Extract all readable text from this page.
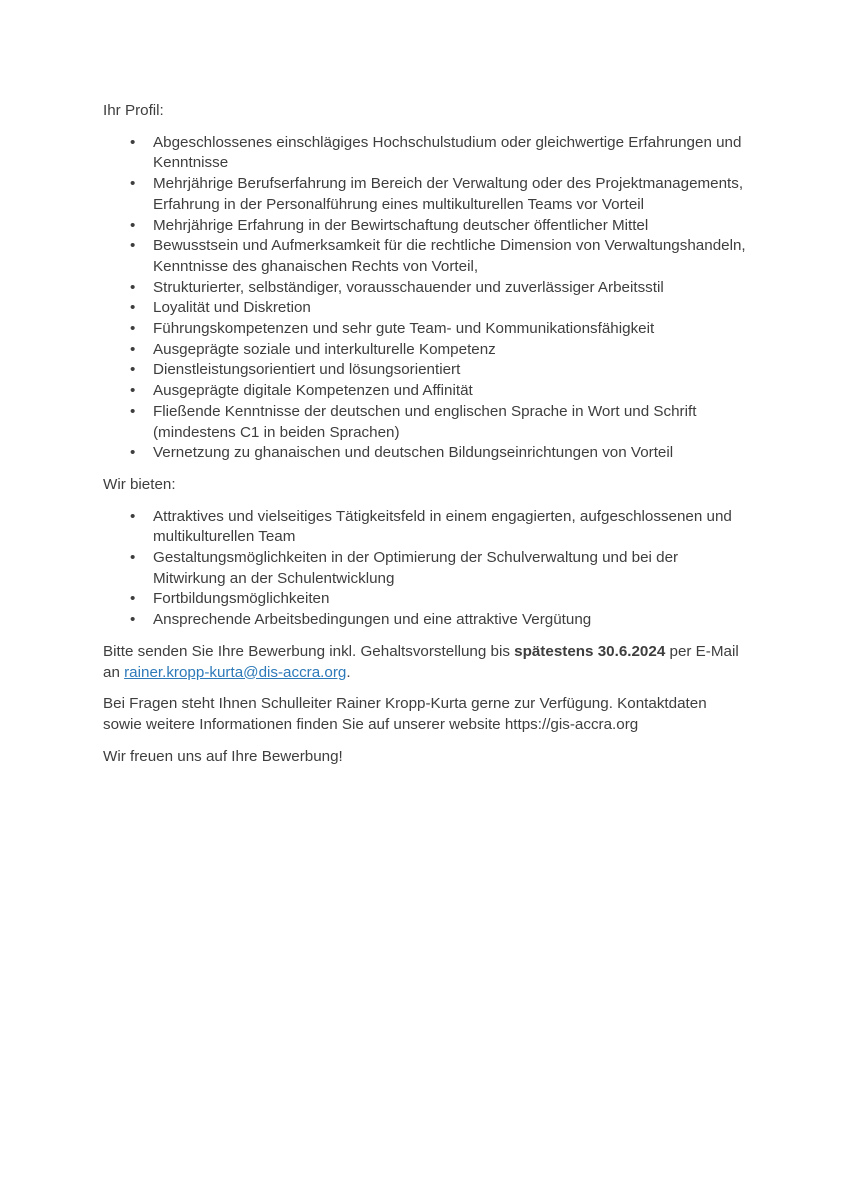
Ihr Profil:

• Abgeschlossenes einschlägiges Hochschulstudium oder gleichwertige Erfahrungen und Kenntnisse
• Mehrjährige Berufserfahrung im Bereich der Verwaltung oder des Projektmanagements, Erfahrung in der Personalführung eines multikulturellen Teams vor Vorteil
• Mehrjährige Erfahrung in der Bewirtschaftung deutscher öffentlicher Mittel
• Bewusstsein und Aufmerksamkeit für die rechtliche Dimension von Verwaltungshandeln, Kenntnisse des ghanaischen Rechts von Vorteil,
• Strukturierter, selbständiger, vorausschauender und zuverlässiger Arbeitsstil
• Loyalität und Diskretion
• Führungskompetenzen und sehr gute Team- und Kommunikationsfähigkeit
• Ausgeprägte soziale und interkulturelle Kompetenz
• Dienstleistungsorientiert und lösungsorientiert
• Ausgeprägte digitale Kompetenzen und Affinität
• Fließende Kenntnisse der deutschen und englischen Sprache in Wort und Schrift (mindestens C1 in beiden Sprachen)
• Vernetzung zu ghanaischen und deutschen Bildungseinrichtungen von Vorteil

Wir bieten:

• Attraktives und vielseitiges Tätigkeitsfeld in einem engagierten, aufgeschlossenen und multikulturellen Team
• Gestaltungsmöglichkeiten in der Optimierung der Schulverwaltung und bei der Mitwirkung an der Schulentwicklung
• Fortbildungsmöglichkeiten
• Ansprechende Arbeitsbedingungen und eine attraktive Vergütung

Bitte senden Sie Ihre Bewerbung inkl. Gehaltsvorstellung bis spätestens 30.6.2024 per E-Mail an rainer.kropp-kurta@dis-accra.org.

Bei Fragen steht Ihnen Schulleiter Rainer Kropp-Kurta gerne zur Verfügung. Kontaktdaten sowie weitere Informationen finden Sie auf unserer website https://gis-accra.org

Wir freuen uns auf Ihre Bewerbung!
